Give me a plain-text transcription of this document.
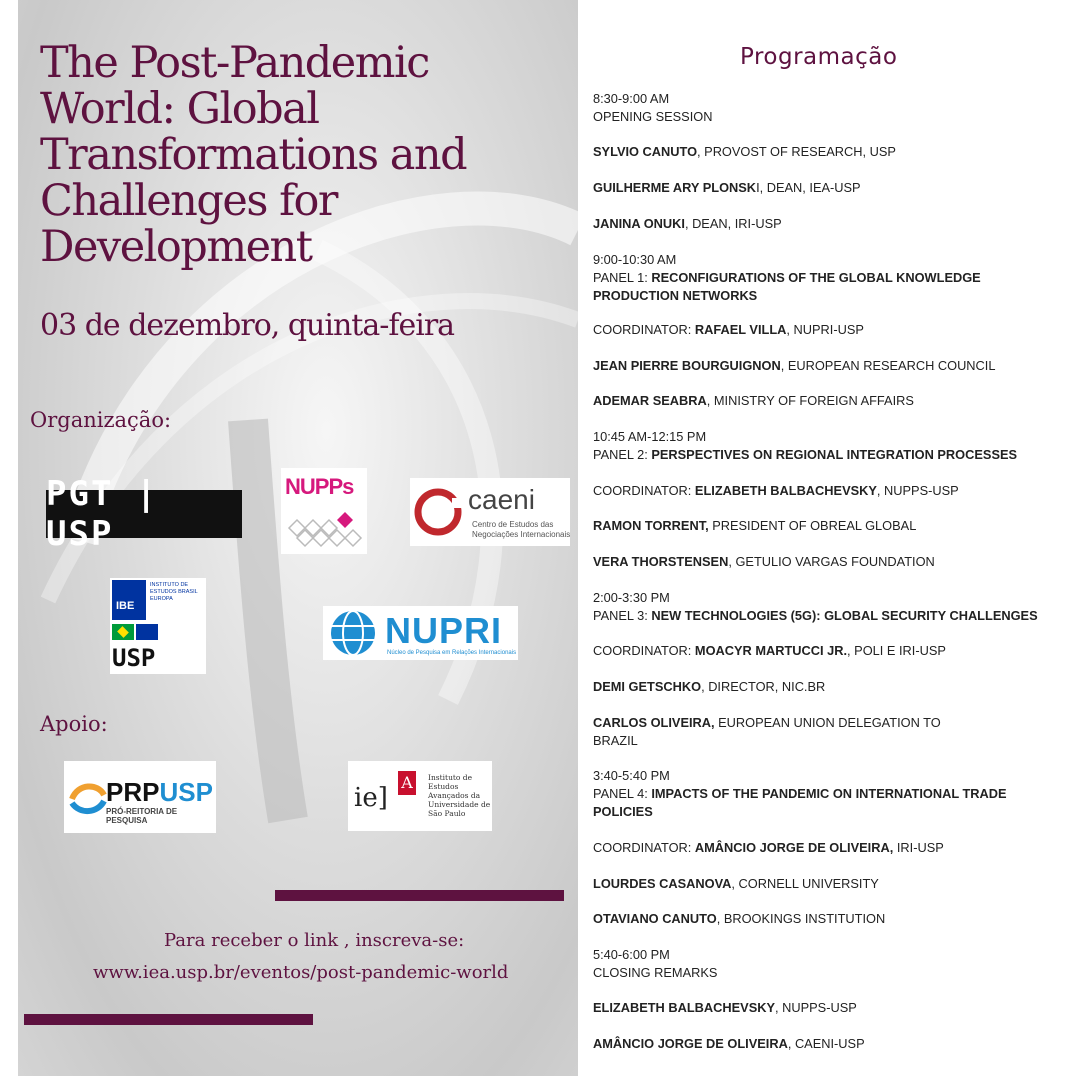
The Post-Pandemic World: Global Transformations and Challenges for Development
03 de dezembro, quinta-feira
Organização:
PGT | USP
NUPPs	caeni
Centro de Estudos das Negociações Internacionais
IBE
INSTITUTO DE ESTUDOS BRASIL EUROPA
USP
NUPRI
Núcleo de Pesquisa em Relações Internacionais
Apoio:
PRPUSP
PRÓ-REITORIA DE PESQUISA
ie]
A	Instituto de Estudos Avançados da Universidade de São Paulo
Para receber o link , inscreva-se:
www.iea.usp.br/eventos/post-pandemic-world
Programação
8:30-9:00 AM
OPENING SESSION
SYLVIO CANUTO, PROVOST OF RESEARCH, USP
GUILHERME ARY PLONSKI, DEAN, IEA-USP
JANINA ONUKI, DEAN, IRI-USP
9:00-10:30 AM
PANEL 1: RECONFIGURATIONS OF THE GLOBAL KNOWLEDGE
PRODUCTION NETWORKS
COORDINATOR: RAFAEL VILLA, NUPRI-USP
JEAN PIERRE BOURGUIGNON, EUROPEAN RESEARCH COUNCIL
ADEMAR SEABRA, MINISTRY OF FOREIGN AFFAIRS
10:45 AM-12:15 PM
PANEL 2: PERSPECTIVES ON REGIONAL INTEGRATION PROCESSES
COORDINATOR: ELIZABETH BALBACHEVSKY, NUPPS-USP
RAMON TORRENT, PRESIDENT OF OBREAL GLOBAL
VERA THORSTENSEN, GETULIO VARGAS FOUNDATION
2:00-3:30 PM
PANEL 3: NEW TECHNOLOGIES (5G): GLOBAL SECURITY CHALLENGES
COORDINATOR: MOACYR MARTUCCI JR., POLI E IRI-USP
DEMI GETSCHKO, DIRECTOR, NIC.BR
CARLOS OLIVEIRA, EUROPEAN UNION DELEGATION TO
BRAZIL
3:40-5:40 PM
PANEL 4: IMPACTS OF THE PANDEMIC ON INTERNATIONAL TRADE
POLICIES
COORDINATOR: AMÂNCIO JORGE DE OLIVEIRA, IRI-USP
LOURDES CASANOVA, CORNELL UNIVERSITY
OTAVIANO CANUTO, BROOKINGS INSTITUTION
5:40-6:00 PM
CLOSING REMARKS
ELIZABETH BALBACHEVSKY, NUPPS-USP
AMÂNCIO JORGE DE OLIVEIRA, CAENI-USP
